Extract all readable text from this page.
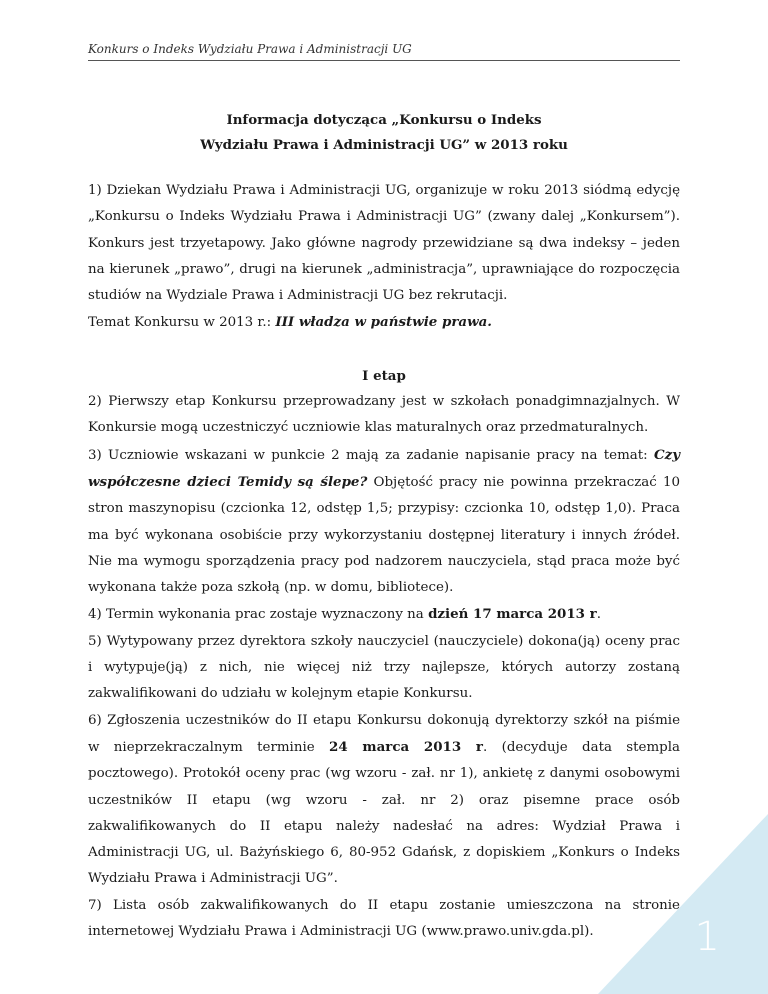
Konkurs o Indeks Wydziału Prawa i Administracji UG
Informacja dotycząca „Konkursu o Indeks
Wydziału Prawa i Administracji UG” w 2013 roku

1) Dziekan Wydziału Prawa i Administracji UG, organizuje w roku 2013 siódmą edycję „Konkursu o Indeks Wydziału Prawa i Administracji UG” (zwany dalej „Konkursem”). Konkurs jest trzyetapowy. Jako główne nagrody przewidziane są dwa indeksy – jeden na kierunek „prawo”, drugi na kierunek „administracja”, uprawniające do rozpoczęcia studiów na Wydziale Prawa i Administracji UG bez rekrutacji.

Temat Konkursu w 2013 r.: III władza w państwie prawa.

I etap

2) Pierwszy etap Konkursu przeprowadzany jest w szkołach ponadgimnazjalnych. W Konkursie mogą uczestniczyć uczniowie klas maturalnych oraz przedmaturalnych.

3) Uczniowie wskazani w punkcie 2 mają za zadanie napisanie pracy na temat: Czy współczesne dzieci Temidy są ślepe? Objętość pracy nie powinna przekraczać 10 stron maszynopisu (czcionka 12, odstęp 1,5; przypisy: czcionka 10, odstęp 1,0). Praca ma być wykonana osobiście przy wykorzystaniu dostępnej literatury i innych źródeł. Nie ma wymogu sporządzenia pracy pod nadzorem nauczyciela, stąd praca może być wykonana także poza szkołą (np. w domu, bibliotece).

4) Termin wykonania prac zostaje wyznaczony na dzień 17 marca 2013 r.

5) Wytypowany przez dyrektora szkoły nauczyciel (nauczyciele) dokona(ją) oceny prac i wytypuje(ją) z nich, nie więcej niż trzy najlepsze, których autorzy zostaną zakwalifikowani do udziału w kolejnym etapie Konkursu.

6) Zgłoszenia uczestników do II etapu Konkursu dokonują dyrektorzy szkół na piśmie w nieprzekraczalnym terminie 24 marca 2013 r. (decyduje data stempla pocztowego). Protokół oceny prac (wg wzoru - zał. nr 1), ankietę z danymi osobowymi uczestników II etapu (wg wzoru - zał. nr 2) oraz pisemne prace osób zakwalifikowanych do II etapu należy nadesłać na adres: Wydział Prawa i Administracji UG, ul. Bażyńskiego 6, 80-952 Gdańsk, z dopiskiem „Konkurs o Indeks Wydziału Prawa i Administracji UG”.

7) Lista osób zakwalifikowanych do II etapu zostanie umieszczona na stronie internetowej Wydziału Prawa i Administracji UG (www.prawo.univ.gda.pl).	1
